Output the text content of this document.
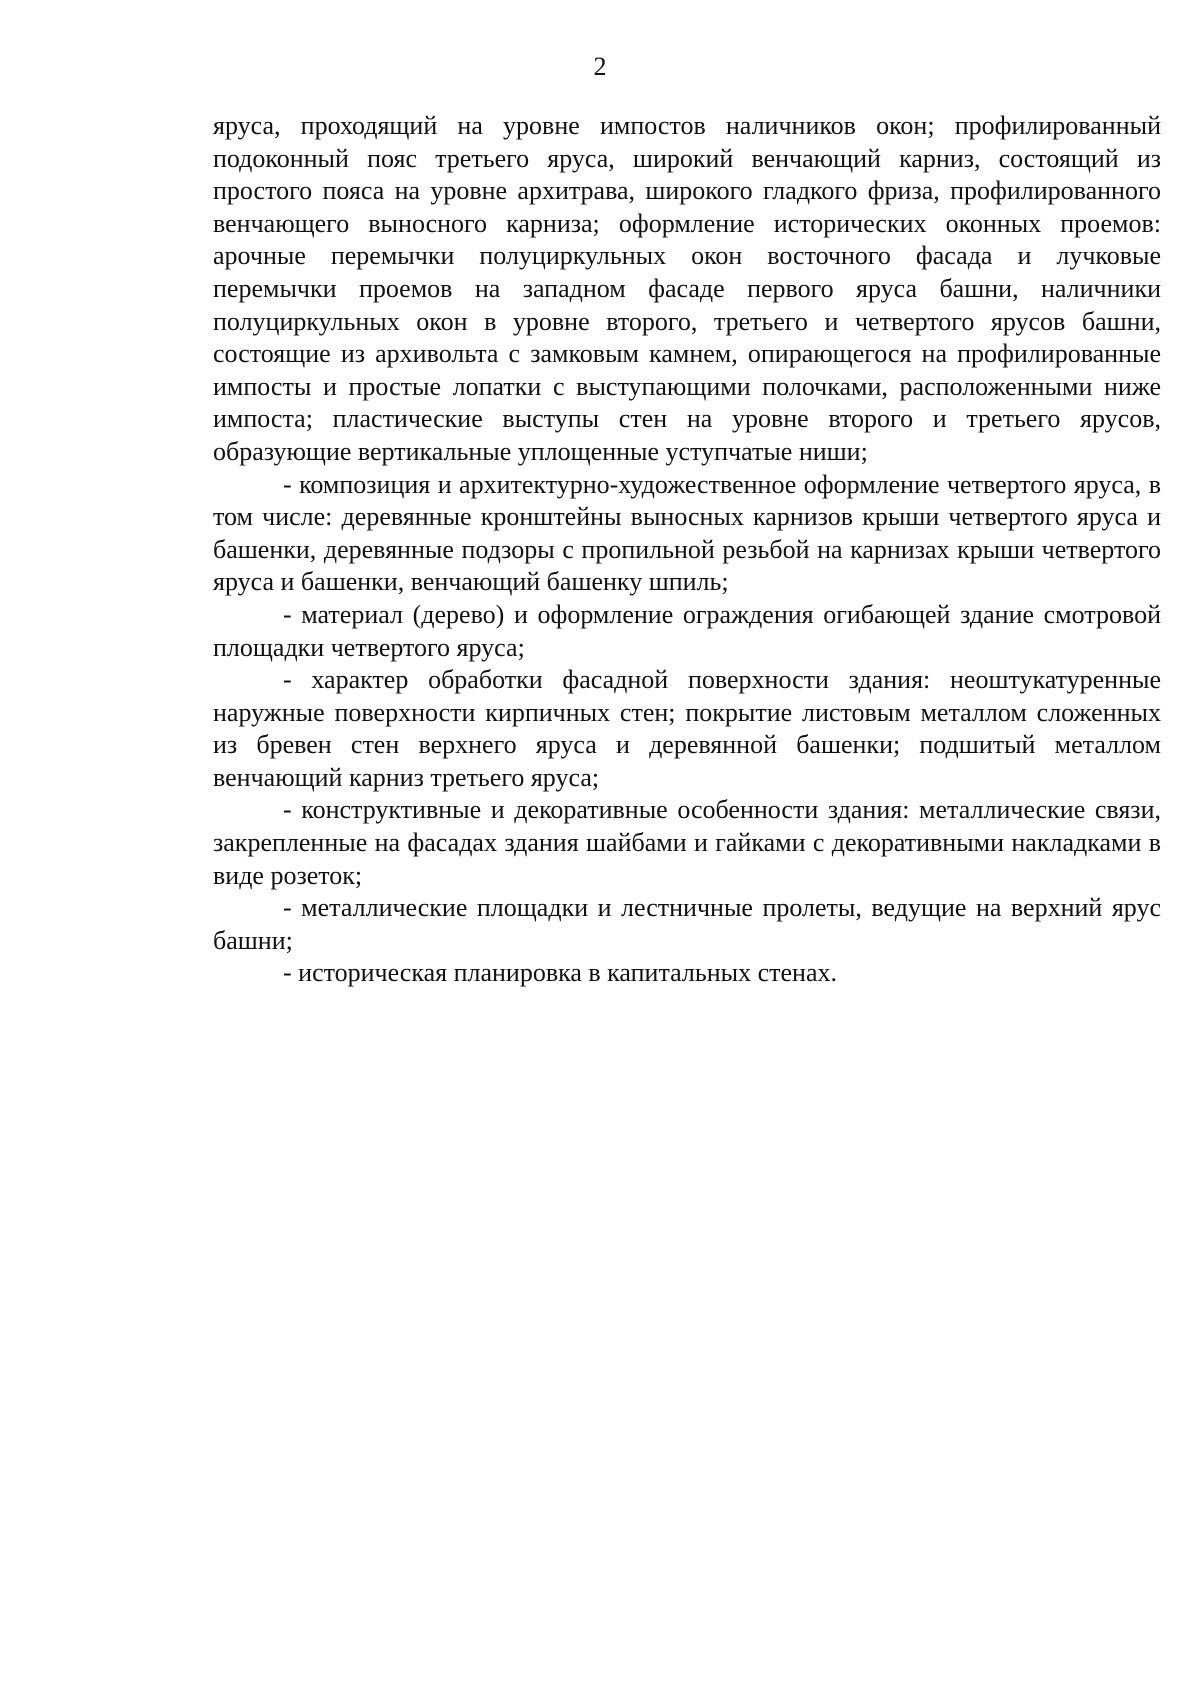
2

яруса, проходящий на уровне импостов наличников окон; профилированный подоконный пояс третьего яруса, широкий венчающий карниз, состоящий из простого пояса на уровне архитрава, широкого гладкого фриза, профилированного венчающего выносного карниза; оформление исторических оконных проемов: арочные перемычки полуциркульных окон восточного фасада и лучковые перемычки проемов на западном фасаде первого яруса башни, наличники полуциркульных окон в уровне второго, третьего и четвертого ярусов башни, состоящие из архивольта с замковым камнем, опирающегося на профилированные импосты и простые лопатки с выступающими полочками, расположенными ниже импоста; пластические выступы стен на уровне второго и третьего ярусов, образующие вертикальные уплощенные уступчатые ниши;

- композиция и архитектурно-художественное оформление четвертого яруса, в том числе: деревянные кронштейны выносных карнизов крыши четвертого яруса и башенки, деревянные подзоры с пропильной резьбой на карнизах крыши четвертого яруса и башенки, венчающий башенку шпиль;

- материал (дерево) и оформление ограждения огибающей здание смотровой площадки четвертого яруса;

- характер обработки фасадной поверхности здания: неоштукатуренные наружные поверхности кирпичных стен; покрытие листовым металлом сложенных из бревен стен верхнего яруса и деревянной башенки; подшитый металлом венчающий карниз третьего яруса;

- конструктивные и декоративные особенности здания: металлические связи, закрепленные на фасадах здания шайбами и гайками с декоративными накладками в виде розеток;

- металлические площадки и лестничные пролеты, ведущие на верхний ярус башни;

- историческая планировка в капитальных стенах.
